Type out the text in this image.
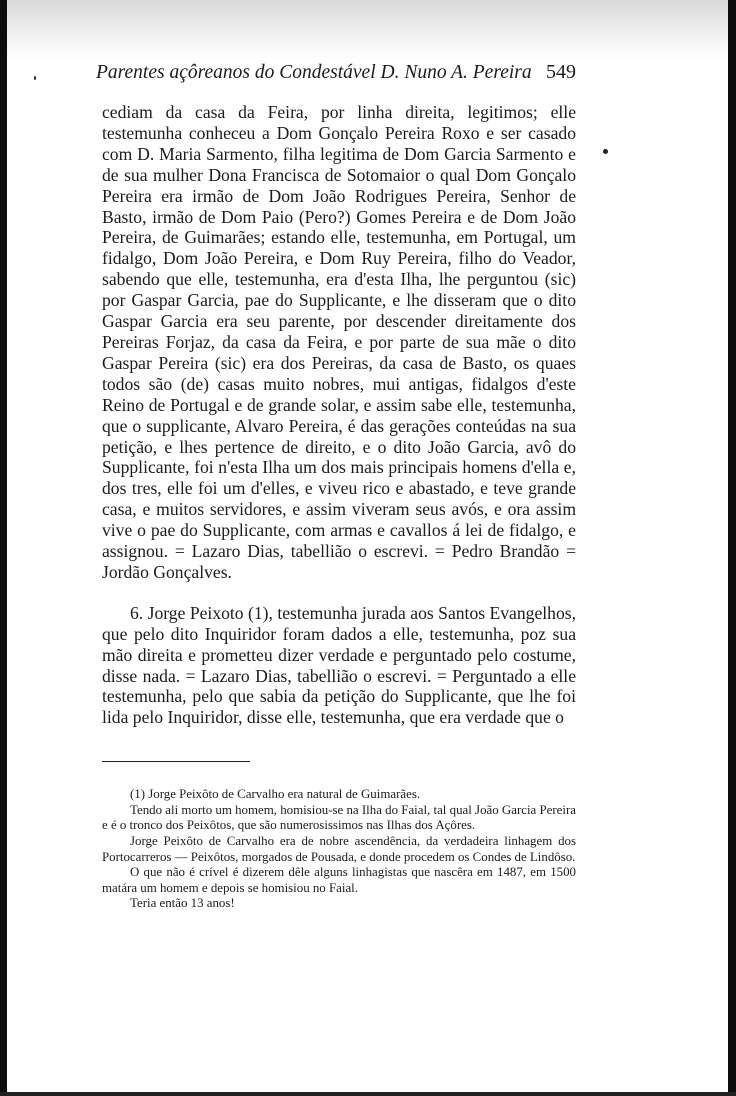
Parentes açôreanos do Condestável D. Nuno A. Pereira 549

cediam da casa da Feira, por linha direita, legitimos; elle testemunha conheceu a Dom Gonçalo Pereira Roxo e ser casado com D. Maria Sarmento, filha legitima de Dom Garcia Sarmento e de sua mulher Dona Francisca de Sotomaior o qual Dom Gonçalo Pereira era irmão de Dom João Rodrigues Pereira, Senhor de Basto, irmão de Dom Paio (Pero?) Gomes Pereira e de Dom João Pereira, de Guimarães; estando elle, testemunha, em Portugal, um fidalgo, Dom João Pereira, e Dom Ruy Pereira, filho do Veador, sabendo que elle, testemunha, era d'esta Ilha, lhe perguntou (sic) por Gaspar Garcia, pae do Supplicante, e lhe disseram que o dito Gaspar Garcia era seu parente, por descender direitamente dos Pereiras Forjaz, da casa da Feira, e por parte de sua mãe o dito Gaspar Pereira (sic) era dos Pereiras, da casa de Basto, os quaes todos são (de) casas muito nobres, mui antigas, fidalgos d'este Reino de Portugal e de grande solar, e assim sabe elle, testemunha, que o supplicante, Alvaro Pereira, é das gerações conteúdas na sua petição, e lhes pertence de direito, e o dito João Garcia, avô do Supplicante, foi n'esta Ilha um dos mais principais homens d'ella e, dos tres, elle foi um d'elles, e viveu rico e abastado, e teve grande casa, e muitos servidores, e assim viveram seus avós, e ora assim vive o pae do Supplicante, com armas e cavallos á lei de fidalgo, e assignou. = Lazaro Dias, tabellião o escrevi. = Pedro Brandão = Jordão Gonçalves.

6. Jorge Peixoto (1), testemunha jurada aos Santos Evangelhos, que pelo dito Inquiridor foram dados a elle, testemunha, poz sua mão direita e prometteu dizer verdade e perguntado pelo costume, disse nada. = Lazaro Dias, tabellião o escrevi. = Perguntado a elle testemunha, pelo que sabia da petição do Supplicante, que lhe foi lida pelo Inquiridor, disse elle, testemunha, que era verdade que o

(1) Jorge Peixôto de Carvalho era natural de Guimarães.

Tendo ali morto um homem, homisiou-se na Ilha do Faial, tal qual João Garcia Pereira e é o tronco dos Peixôtos, que são numerosissimos nas Ilhas dos Açôres.

Jorge Peixôto de Carvalho era de nobre ascendência, da verdadeira linhagem dos Portocarreros — Peixôtos, morgados de Pousada, e donde procedem os Condes de Lindôso.

O que não é crível é dizerem dêle alguns linhagistas que nascêra em 1487, em 1500 matára um homem e depois se homisiou no Faial.

Teria então 13 anos!
